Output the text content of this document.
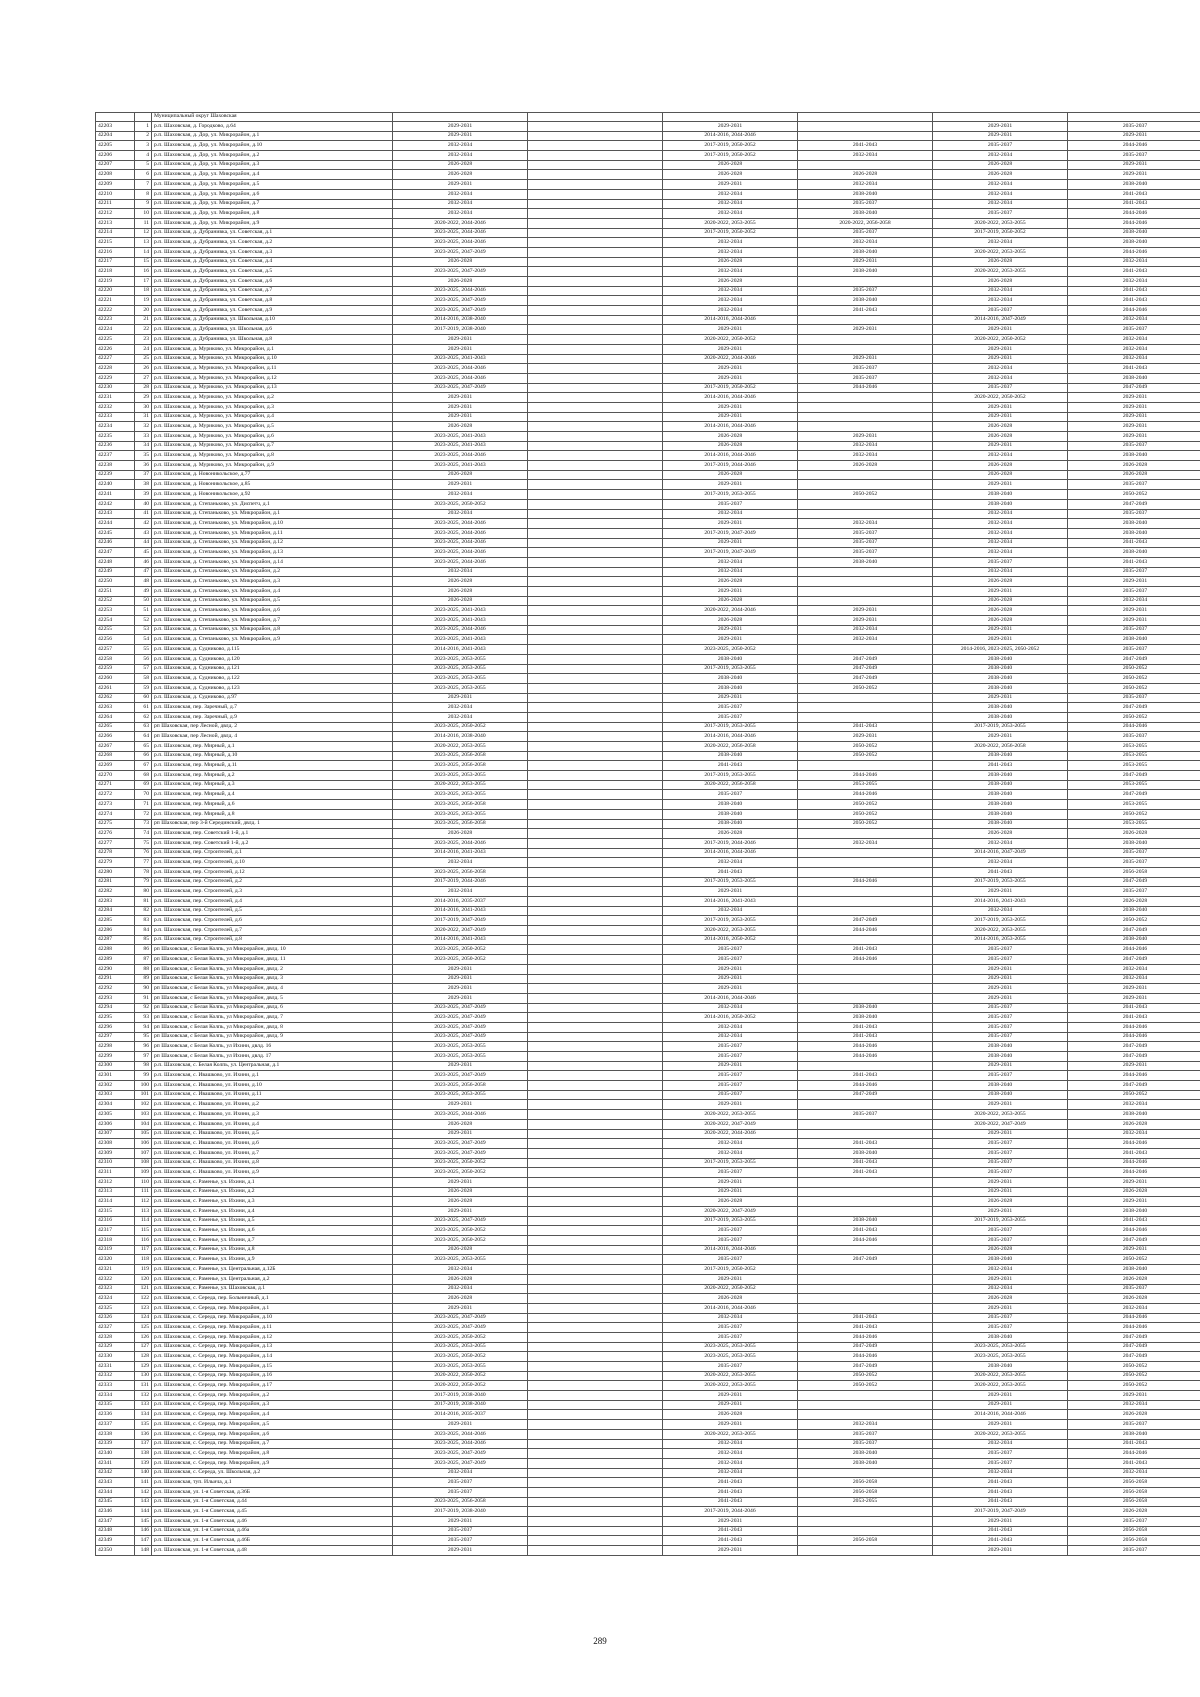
		Муниципальный округ Шаховская						
42203	1	р.п. Шаховская, д. Городково, д.64	2029-2031		2029-2031		2029-2031	2035-2037
42204	2	р.п. Шаховская, д. Дор, ул. Микрорайон, д.1	2029-2031		2014-2016, 2044-2046		2029-2031	2029-2031
42205	3	р.п. Шаховская, д. Дор, ул. Микрорайон, д.10	2032-2034		2017-2019, 2050-2052	2041-2043	2035-2037	2044-2046
42206	4	р.п. Шаховская, д. Дор, ул. Микрорайон, д.2	2032-2034		2017-2019, 2050-2052	2032-2034	2032-2034	2035-2037
42207	5	р.п. Шаховская, д. Дор, ул. Микрорайон, д.3	2026-2028		2026-2028		2026-2028	2029-2031
42208	6	р.п. Шаховская, д. Дор, ул. Микрорайон, д.4	2026-2028		2026-2028	2026-2028	2026-2028	2029-2031
42209	7	р.п. Шаховская, д. Дор, ул. Микрорайон, д.5	2029-2031		2029-2031	2032-2034	2032-2034	2038-2040
42210	8	р.п. Шаховская, д. Дор, ул. Микрорайон, д.6	2032-2034		2032-2034	2038-2040	2032-2034	2041-2043
42211	9	р.п. Шаховская, д. Дор, ул. Микрорайон, д.7	2032-2034		2032-2034	2035-2037	2032-2034	2041-2043
42212	10	р.п. Шаховская, д. Дор, ул. Микрорайон, д.8	2032-2034		2032-2034	2038-2040	2035-2037	2044-2046
42213	11	р.п. Шаховская, д. Дор, ул. Микрорайон, д.9	2020-2022, 2044-2046		2020-2022, 2053-2055	2020-2022, 2056-2058	2020-2022, 2053-2055	2044-2046
42214	12	р.п. Шаховская, д. Дубранивка, ул. Советская, д.1	2023-2025, 2044-2046		2017-2019, 2050-2052	2035-2037	2017-2019, 2050-2052	2038-2040
42215	13	р.п. Шаховская, д. Дубранивка, ул. Советская, д.2	2023-2025, 2044-2046		2032-2034	2032-2034	2032-2034	2038-2040
42216	14	р.п. Шаховская, д. Дубранивка, ул. Советская, д.3	2023-2025, 2047-2049		2032-2034	2038-2040	2020-2022, 2053-2055	2044-2046
42217	15	р.п. Шаховская, д. Дубранивка, ул. Советская, д.4	2026-2028		2026-2028	2029-2031	2026-2028	2032-2034
42218	16	р.п. Шаховская, д. Дубранивка, ул. Советская, д.5	2023-2025, 2047-2049		2032-2034	2038-2040	2020-2022, 2053-2055	2041-2043
42219	17	р.п. Шаховская, д. Дубранивка, ул. Советская, д.6	2026-2028		2026-2028		2026-2028	2032-2034
42220	18	р.п. Шаховская, д. Дубранивка, ул. Советская, д.7	2023-2025, 2044-2046		2032-2034	2035-2037	2032-2034	2041-2043
42221	19	р.п. Шаховская, д. Дубранивка, ул. Советская, д.8	2023-2025, 2047-2049		2032-2034	2038-2040	2032-2034	2041-2043
42222	20	р.п. Шаховская, д. Дубранивка, ул. Советская, д.9	2023-2025, 2047-2049		2032-2034	2041-2043	2035-2037	2044-2046
42223	21	р.п. Шаховская, д. Дубранивка, ул. Школьная, д.10	2014-2016, 2038-2040		2014-2016, 2044-2046		2014-2016, 2047-2049	2032-2034
42224	22	р.п. Шаховская, д. Дубранивка, ул. Школьная, д.6	2017-2019, 2038-2040		2029-2031	2029-2031	2029-2031	2035-2037
42225	23	р.п. Шаховская, д. Дубранивка, ул. Школьная, д.8	2029-2031		2020-2022, 2050-2052		2020-2022, 2050-2052	2032-2034
42226	24	р.п. Шаховская, д. Муриково, ул. Микрорайон, д.1	2029-2031		2029-2031		2029-2031	2032-2034
42227	25	р.п. Шаховская, д. Муриково, ул. Микрорайон, д.10	2023-2025, 2041-2043		2020-2022, 2044-2046	2029-2031	2029-2031	2032-2034
42228	26	р.п. Шаховская, д. Муриково, ул. Микрорайон, д.11	2023-2025, 2044-2046		2029-2031	2035-2037	2032-2034	2041-2043
42229	27	р.п. Шаховская, д. Муриково, ул. Микрорайон, д.12	2023-2025, 2044-2046		2029-2031	2035-2037	2032-2034	2038-2040
42230	28	р.п. Шаховская, д. Муриково, ул. Микрорайон, д.13	2023-2025, 2047-2049		2017-2019, 2050-2052	2044-2046	2035-2037	2047-2049
42231	29	р.п. Шаховская, д. Муриково, ул. Микрорайон, д.2	2029-2031		2014-2016, 2044-2046		2020-2022, 2050-2052	2029-2031
42232	30	р.п. Шаховская, д. Муриково, ул. Микрорайон, д.3	2029-2031		2029-2031		2029-2031	2029-2031
42233	31	р.п. Шаховская, д. Муриково, ул. Микрорайон, д.4	2029-2031		2029-2031		2029-2031	2029-2031
42234	32	р.п. Шаховская, д. Муриково, ул. Микрорайон, д.5	2026-2028		2014-2016, 2044-2046		2026-2028	2029-2031
42235	33	р.п. Шаховская, д. Муриково, ул. Микрорайон, д.6	2023-2025, 2041-2043		2026-2028	2029-2031	2026-2028	2029-2031
42236	34	р.п. Шаховская, д. Муриково, ул. Микрорайон, д.7	2023-2025, 2041-2043		2026-2028	2032-2034	2029-2031	2035-2037
42237	35	р.п. Шаховская, д. Муриково, ул. Микрорайон, д.8	2023-2025, 2044-2046		2014-2016, 2044-2046	2032-2034	2032-2034	2038-2040
42238	36	р.п. Шаховская, д. Муриково, ул. Микрорайон, д.9	2023-2025, 2041-2043		2017-2019, 2044-2046	2026-2028	2026-2028	2026-2028
42239	37	р.п. Шаховская, д. Новоникольское, д.77	2026-2028		2026-2028		2026-2028	2026-2028
42240	38	р.п. Шаховская, д. Новоникольское, д.85	2029-2031		2029-2031		2029-2031	2035-2037
42241	39	р.п. Шаховская, д. Новоникольское, д.92	2032-2034		2017-2019, 2053-2055	2050-2052	2038-2040	2050-2052
42242	40	р.п. Шаховская, д. Степаньково, ул. Диспетч, д.1	2023-2025, 2050-2052		2035-2037		2038-2040	2047-2049
42243	41	р.п. Шаховская, д. Степаньково, ул. Микрорайон, д.1	2032-2034		2032-2034		2032-2034	2035-2037
42244	42	р.п. Шаховская, д. Степаньково, ул. Микрорайон, д.10	2023-2025, 2044-2046		2029-2031	2032-2034	2032-2034	2038-2040
42245	43	р.п. Шаховская, д. Степаньково, ул. Микрорайон, д.11	2023-2025, 2044-2046		2017-2019, 2047-2049	2035-2037	2032-2034	2038-2040
42246	44	р.п. Шаховская, д. Степаньково, ул. Микрорайон, д.12	2023-2025, 2044-2046		2029-2031	2035-2037	2032-2034	2041-2043
42247	45	р.п. Шаховская, д. Степаньково, ул. Микрорайон, д.13	2023-2025, 2044-2046		2017-2019, 2047-2049	2035-2037	2032-2034	2038-2040
42248	46	р.п. Шаховская, д. Степаньково, ул. Микрорайон, д.14	2023-2025, 2044-2046		2032-2034	2038-2040	2035-2037	2041-2043
42249	47	р.п. Шаховская, д. Степаньково, ул. Микрорайон, д.2	2032-2034		2032-2034		2032-2034	2035-2037
42250	48	р.п. Шаховская, д. Степаньково, ул. Микрорайон, д.3	2026-2028		2026-2028		2026-2028	2029-2031
42251	49	р.п. Шаховская, д. Степаньково, ул. Микрорайон, д.4	2026-2028		2029-2031		2029-2031	2035-2037
42252	50	р.п. Шаховская, д. Степаньково, ул. Микрорайон, д.5	2026-2028		2026-2028		2026-2028	2032-2034
42253	51	р.п. Шаховская, д. Степаньково, ул. Микрорайон, д.6	2023-2025, 2041-2043		2020-2022, 2044-2046	2029-2031	2026-2028	2029-2031
42254	52	р.п. Шаховская, д. Степаньково, ул. Микрорайон, д.7	2023-2025, 2041-2043		2026-2028	2029-2031	2026-2028	2029-2031
42255	53	р.п. Шаховская, д. Степаньково, ул. Микрорайон, д.8	2023-2025, 2044-2046		2029-2031	2032-2034	2029-2031	2035-2037
42256	54	р.п. Шаховская, д. Степаньково, ул. Микрорайон, д.9	2023-2025, 2041-2043		2029-2031	2032-2034	2029-2031	2038-2040
42257	55	р.п. Шаховская, д. Судниково, д.115	2014-2016, 2041-2043		2023-2025, 2050-2052		2014-2016, 2023-2025, 2050-2052	2035-2037
42258	56	р.п. Шаховская, д. Судниково, д.120	2023-2025, 2053-2055		2038-2040	2047-2049	2038-2040	2047-2049
42259	57	р.п. Шаховская, д. Судниково, д.121	2023-2025, 2053-2055		2017-2019, 2053-2055	2047-2049	2038-2040	2050-2052
42260	58	р.п. Шаховская, д. Судниково, д.122	2023-2025, 2053-2055		2038-2040	2047-2049	2038-2040	2050-2052
42261	59	р.п. Шаховская, д. Судниково, д.123	2023-2025, 2053-2055		2038-2040	2050-2052	2038-2040	2050-2052
42262	60	р.п. Шаховская, д. Судниково, д.97	2029-2031		2029-2031		2029-2031	2035-2037
42263	61	р.п. Шаховская, пер. Заречный, д.7	2032-2034		2035-2037		2038-2040	2047-2049
42264	62	р.п. Шаховская, пер. Заречный, д.9	2032-2034		2035-2037		2038-2040	2050-2052
42265	63	рп Шаховская, пер Лесной, двлд. 2	2023-2025, 2050-2052		2017-2019, 2053-2055	2041-2043	2017-2019, 2053-2055	2044-2046
42266	64	рп Шаховская, пер Лесной, двлд. 4	2014-2016, 2038-2040		2014-2016, 2044-2046	2029-2031	2029-2031	2035-2037
42267	65	р.п. Шаховская, пер. Мирный, д.1	2020-2022, 2053-2055		2020-2022, 2056-2058	2050-2052	2020-2022, 2056-2058	2053-2055
42268	66	р.п. Шаховская, пер. Мирный, д.10	2023-2025, 2056-2058		2038-2040	2050-2052	2038-2040	2053-2055
42269	67	р.п. Шаховская, пер. Мирный, д.11	2023-2025, 2056-2058		2041-2043		2041-2043	2053-2055
42270	68	р.п. Шаховская, пер. Мирный, д.2	2023-2025, 2053-2055		2017-2019, 2053-2055	2044-2046	2038-2040	2047-2049
42271	69	р.п. Шаховская, пер. Мирный, д.3	2020-2022, 2053-2055		2020-2022, 2056-2058	2053-2055	2038-2040	2053-2055
42272	70	р.п. Шаховская, пер. Мирный, д.4	2023-2025, 2053-2055		2035-2037	2044-2046	2038-2040	2047-2049
42273	71	р.п. Шаховская, пер. Мирный, д.6	2023-2025, 2056-2058		2038-2040	2050-2052	2038-2040	2053-2055
42274	72	р.п. Шаховская, пер. Мирный, д.8	2023-2025, 2053-2055		2038-2040	2050-2052	2038-2040	2050-2052
42275	73	рп Шаховская, пер 3-й Серединский, двлд. 1	2023-2025, 2056-2058		2038-2040	2050-2052	2038-2040	2053-2055
42276	74	р.п. Шаховская, пер. Советский 1-й, д.1	2026-2028		2026-2028		2026-2028	2026-2028
42277	75	р.п. Шаховская, пер. Советский 1-й, д.2	2023-2025, 2044-2046		2017-2019, 2044-2046	2032-2034	2032-2034	2038-2040
42278	76	р.п. Шаховская, пер. Строителей, д.1	2014-2016, 2041-2043		2014-2016, 2044-2046		2014-2016, 2047-2049	2035-2037
42279	77	р.п. Шаховская, пер. Строителей, д.10	2032-2034		2032-2034		2032-2034	2035-2037
42280	78	р.п. Шаховская, пер. Строителей, д.12	2023-2025, 2056-2058		2041-2043		2041-2043	2056-2058
42281	79	р.п. Шаховская, пер. Строителей, д.2	2017-2019, 2044-2046		2017-2019, 2053-2055	2044-2046	2017-2019, 2053-2055	2047-2049
42282	80	р.п. Шаховская, пер. Строителей, д.3	2032-2034		2029-2031		2029-2031	2035-2037
42283	81	р.п. Шаховская, пер. Строителей, д.4	2014-2016, 2035-2037		2014-2016, 2041-2043		2014-2016, 2041-2043	2026-2028
42284	82	р.п. Шаховская, пер. Строителей, д.5	2014-2016, 2041-2043		2032-2034		2032-2034	2038-2040
42285	83	р.п. Шаховская, пер. Строителей, д.6	2017-2019, 2047-2049		2017-2019, 2053-2055	2047-2049	2017-2019, 2053-2055	2050-2052
42286	84	р.п. Шаховская, пер. Строителей, д.7	2020-2022, 2047-2049		2020-2022, 2053-2055	2044-2046	2020-2022, 2053-2055	2047-2049
42287	85	р.п. Шаховская, пер. Строителей, д.8	2014-2016, 2041-2043		2014-2016, 2050-2052		2014-2016, 2053-2055	2038-2040
42288	86	рп Шаховская, с Белая Колпь, ул Микрорайон, двлд. 10	2023-2025, 2050-2052		2035-2037	2041-2043	2035-2037	2044-2046
42289	87	рп Шаховская, с Белая Колпь, ул Микрорайон, двлд. 11	2023-2025, 2050-2052		2035-2037	2044-2046	2035-2037	2047-2049
42290	88	рп Шаховская, с Белая Колпь, ул Микрорайон, двлд. 2	2029-2031		2029-2031		2029-2031	2032-2034
42291	89	рп Шаховская, с Белая Колпь, ул Микрорайон, двлд. 3	2029-2031		2029-2031		2029-2031	2032-2034
42292	90	рп Шаховская, с Белая Колпь, ул Микрорайон, двлд. 4	2029-2031		2029-2031		2029-2031	2029-2031
42293	91	рп Шаховская, с Белая Колпь, ул Микрорайон, двлд. 5	2029-2031		2014-2016, 2044-2046		2029-2031	2029-2031
42294	92	рп Шаховская, с Белая Колпь, ул Микрорайон, двлд. 6	2023-2025, 2047-2049		2032-2034	2038-2040	2035-2037	2041-2043
42295	93	рп Шаховская, с Белая Колпь, ул Микрорайон, двлд. 7	2023-2025, 2047-2049		2014-2016, 2050-2052	2038-2040	2035-2037	2041-2043
42296	94	рп Шаховская, с Белая Колпь, ул Микрорайон, двлд. 8	2023-2025, 2047-2049		2032-2034	2041-2043	2035-2037	2044-2046
42297	95	рп Шаховская, с Белая Колпь, ул Микрорайон, двлд. 9	2023-2025, 2047-2049		2032-2034	2041-2043	2035-2037	2044-2046
42298	96	рп Шаховская, с Белая Колпь, ул Ихини, двлд. 16	2023-2025, 2053-2055		2035-2037	2044-2046	2038-2040	2047-2049
42299	97	рп Шаховская, с Белая Колпь, ул Ихини, двлд. 17	2023-2025, 2053-2055		2035-2037	2044-2046	2038-2040	2047-2049
42300	98	р.п. Шаховская, с. Белая Колпь, ул. Центральная, д.1	2029-2031		2029-2031		2029-2031	2029-2031
42301	99	р.п. Шаховская, с. Ивашково, ул. Ихини, д.1	2023-2025, 2047-2049		2035-2037	2041-2043	2035-2037	2044-2046
42302	100	р.п. Шаховская, с. Ивашково, ул. Ихини, д.10	2023-2025, 2056-2058		2035-2037	2044-2046	2038-2040	2047-2049
42303	101	р.п. Шаховская, с. Ивашково, ул. Ихини, д.11	2023-2025, 2053-2055		2035-2037	2047-2049	2038-2040	2050-2052
42304	102	р.п. Шаховская, с. Ивашково, ул. Ихини, д.2	2029-2031		2029-2031		2029-2031	2032-2034
42305	103	р.п. Шаховская, с. Ивашково, ул. Ихини, д.3	2023-2025, 2044-2046		2020-2022, 2053-2055	2035-2037	2020-2022, 2053-2055	2038-2040
42306	104	р.п. Шаховская, с. Ивашково, ул. Ихини, д.4	2026-2028		2020-2022, 2047-2049		2020-2022, 2047-2049	2026-2028
42307	105	р.п. Шаховская, с. Ивашково, ул. Ихини, д.5	2029-2031		2020-2022, 2044-2046		2029-2031	2032-2034
42308	106	р.п. Шаховская, с. Ивашково, ул. Ихини, д.6	2023-2025, 2047-2049		2032-2034	2041-2043	2035-2037	2044-2046
42309	107	р.п. Шаховская, с. Ивашково, ул. Ихини, д.7	2023-2025, 2047-2049		2032-2034	2038-2040	2035-2037	2041-2043
42310	108	р.п. Шаховская, с. Ивашково, ул. Ихини, д.8	2023-2025, 2050-2052		2017-2019, 2053-2055	2041-2043	2035-2037	2044-2046
42311	109	р.п. Шаховская, с. Ивашково, ул. Ихини, д.9	2023-2025, 2050-2052		2035-2037	2041-2043	2035-2037	2044-2046
42312	110	р.п. Шаховская, с. Раменье, ул. Ихини, д.1	2029-2031		2029-2031		2029-2031	2029-2031
42313	111	р.п. Шаховская, с. Раменье, ул. Ихини, д.2	2026-2028		2029-2031		2029-2031	2026-2028
42314	112	р.п. Шаховская, с. Раменье, ул. Ихини, д.3	2026-2028		2026-2028		2026-2028	2029-2031
42315	113	р.п. Шаховская, с. Раменье, ул. Ихини, д.4	2029-2031		2020-2022, 2047-2049		2029-2031	2038-2040
42316	114	р.п. Шаховская, с. Раменье, ул. Ихини, д.5	2023-2025, 2047-2049		2017-2019, 2053-2055	2038-2040	2017-2019, 2053-2055	2041-2043
42317	115	р.п. Шаховская, с. Раменье, ул. Ихини, д.6	2023-2025, 2050-2052		2035-2037	2041-2043	2035-2037	2044-2046
42318	116	р.п. Шаховская, с. Раменье, ул. Ихини, д.7	2023-2025, 2050-2052		2035-2037	2044-2046	2035-2037	2047-2049
42319	117	р.п. Шаховская, с. Раменье, ул. Ихини, д.8	2026-2028		2014-2016, 2044-2046		2026-2028	2029-2031
42320	118	р.п. Шаховская, с. Раменье, ул. Ихини, д.9	2023-2025, 2053-2055		2035-2037	2047-2049	2038-2040	2050-2052
42321	119	р.п. Шаховская, с. Раменье, ул. Центральная, д.12Б	2032-2034		2017-2019, 2050-2052		2032-2034	2038-2040
42322	120	р.п. Шаховская, с. Раменье, ул. Центральная, д.2	2026-2028		2029-2031		2029-2031	2026-2028
42323	121	р.п. Шаховская, с. Раменье, ул. Шаховская, д.1	2032-2034		2020-2022, 2050-2052		2032-2034	2035-2037
42324	122	р.п. Шаховская, с. Середа, пер. Больничный, д.1	2026-2028		2026-2028		2026-2028	2026-2028
42325	123	р.п. Шаховская, с. Середа, пер. Микрорайон, д.1	2029-2031		2014-2016, 2044-2046		2029-2031	2032-2034
42326	124	р.п. Шаховская, с. Середа, пер. Микрорайон, д.10	2023-2025, 2047-2049		2032-2034	2041-2043	2035-2037	2044-2046
42327	125	р.п. Шаховская, с. Середа, пер. Микрорайон, д.11	2023-2025, 2047-2049		2035-2037	2041-2043	2035-2037	2044-2046
42328	126	р.п. Шаховская, с. Середа, пер. Микрорайон, д.12	2023-2025, 2050-2052		2035-2037	2044-2046	2038-2040	2047-2049
42329	127	р.п. Шаховская, с. Середа, пер. Микрорайон, д.13	2023-2025, 2053-2055		2023-2025, 2053-2055	2047-2049	2023-2025, 2053-2055	2047-2049
42330	128	р.п. Шаховская, с. Середа, пер. Микрорайон, д.14	2023-2025, 2050-2052		2023-2025, 2053-2055	2044-2046	2023-2025, 2053-2055	2047-2049
42331	129	р.п. Шаховская, с. Середа, пер. Микрорайон, д.15	2023-2025, 2053-2055		2035-2037	2047-2049	2038-2040	2050-2052
42332	130	р.п. Шаховская, с. Середа, пер. Микрорайон, д.16	2020-2022, 2050-2052		2020-2022, 2053-2055	2050-2052	2020-2022, 2053-2055	2050-2052
42333	131	р.п. Шаховская, с. Середа, пер. Микрорайон, д.17	2020-2022, 2050-2052		2020-2022, 2053-2055	2050-2052	2020-2022, 2053-2055	2050-2052
42334	132	р.п. Шаховская, с. Середа, пер. Микрорайон, д.2	2017-2019, 2038-2040		2029-2031		2029-2031	2029-2031
42335	133	р.п. Шаховская, с. Середа, пер. Микрорайон, д.3	2017-2019, 2038-2040		2029-2031		2029-2031	2032-2034
42336	134	р.п. Шаховская, с. Середа, пер. Микрорайон, д.4	2014-2016, 2035-2037		2026-2028		2014-2016, 2044-2046	2026-2028
42337	135	р.п. Шаховская, с. Середа, пер. Микрорайон, д.5	2029-2031		2029-2031	2032-2034	2029-2031	2035-2037
42338	136	р.п. Шаховская, с. Середа, пер. Микрорайон, д.6	2023-2025, 2044-2046		2020-2022, 2053-2055	2035-2037	2020-2022, 2053-2055	2038-2040
42339	137	р.п. Шаховская, с. Середа, пер. Микрорайон, д.7	2023-2025, 2044-2046		2032-2034	2035-2037	2032-2034	2041-2043
42340	138	р.п. Шаховская, с. Середа, пер. Микрорайон, д.8	2023-2025, 2047-2049		2032-2034	2038-2040	2035-2037	2044-2046
42341	139	р.п. Шаховская, с. Середа, пер. Микрорайон, д.9	2023-2025, 2047-2049		2032-2034	2038-2040	2035-2037	2041-2043
42342	140	р.п. Шаховская, с. Середа, ул. Школьная, д.2	2032-2034		2032-2034		2032-2034	2032-2034
42343	141	р.п. Шаховская, туп. Ильича, д.1	2035-2037		2041-2043	2056-2058	2041-2043	2056-2058
42344	142	р.п. Шаховская, ул. 1-я Советская, д.36Б	2035-2037		2041-2043	2056-2058	2041-2043	2056-2058
42345	143	р.п. Шаховская, ул. 1-я Советская, д.44	2023-2025, 2056-2058		2041-2043	2053-2055	2041-2043	2056-2058
42346	144	р.п. Шаховская, ул. 1-я Советская, д.45	2017-2019, 2038-2040		2017-2019, 2044-2046		2017-2019, 2047-2049	2026-2028
42347	145	р.п. Шаховская, ул. 1-я Советская, д.46	2029-2031		2029-2031		2029-2031	2035-2037
42348	146	р.п. Шаховская, ул. 1-я Советская, д.46а	2035-2037		2041-2043		2041-2043	2056-2058
42349	147	р.п. Шаховская, ул. 1-я Советская, д.46Б	2035-2037		2041-2043	2056-2058	2041-2043	2056-2058
42350	148	р.п. Шаховская, ул. 1-я Советская, д.48	2029-2031		2029-2031		2029-2031	2035-2037
289
